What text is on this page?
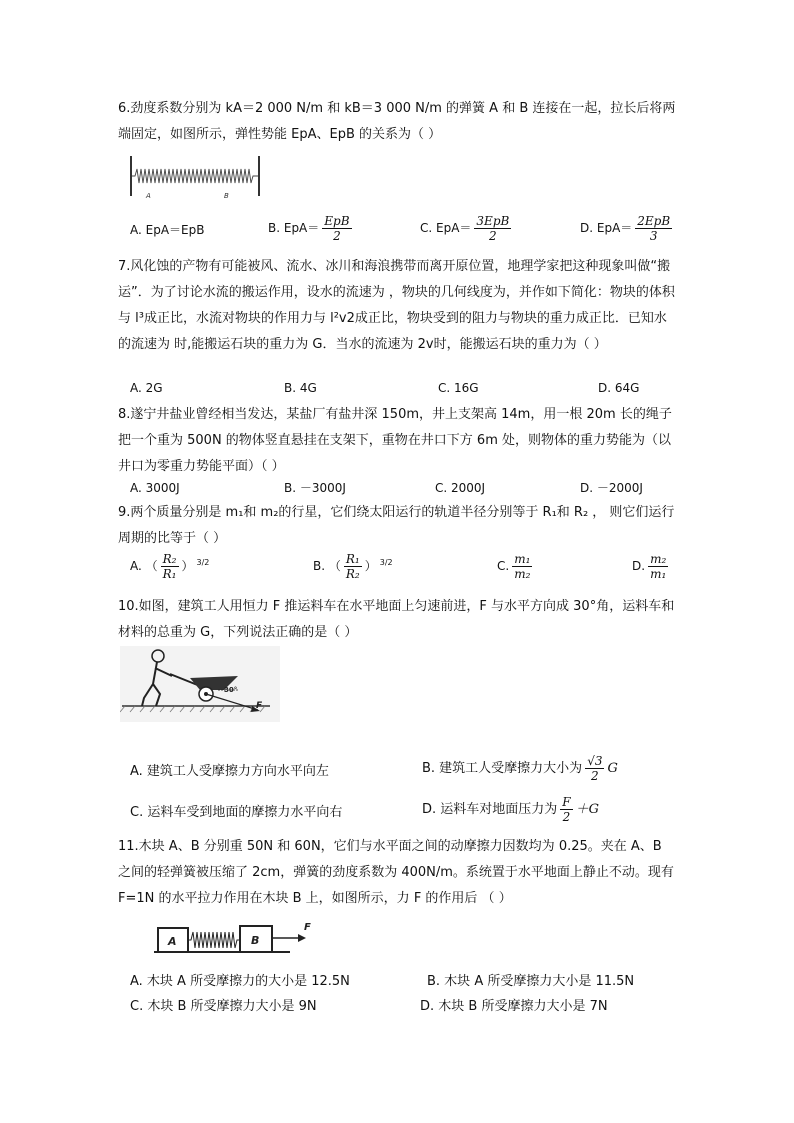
6.劲度系数分别为 kA＝2 000 N/m 和 kB＝3 000 N/m 的弹簧 A 和 B 连接在一起，拉长后将两端固定，如图所示，弹性势能 EpA、EpB 的关系为（ ）
A	B
A. EpA＝EpB	B. $EpA= \frac{\text{EpB}}{2}$	C. $EpA= \frac{\text{3EpB}}{2}$	D. $EpA= \frac{\text{2EpB}}{3}$
7.风化蚀的产物有可能被风、流水、冰川和海浪携带而离开原位置，地理学家把这种现象叫做“搬运”．为了讨论水流的搬运作用，设水的流速为 ，物块的几何线度为，并作如下简化：物块的体积与 l³成正比，水流对物块的作用力与 l²v2成正比，物块受到的阻力与物块的重力成正比．已知水的流速为 时,能搬运石块的重力为 G．当水的流速为 2v时，能搬运石块的重力为（ ）
A. 2G	B. 4G	C. 16G	D. 64G
8.遂宁井盐业曾经相当发达，某盐厂有盐井深 150m，井上支架高 14m，用一根 20m 长的绳子把一个重为 500N 的物体竖直悬挂在支架下，重物在井口下方 6m 处，则物体的重力势能为（以井口为零重力势能平面）（ ）
A. 3000J	B. －3000J	C. 2000J	D. －2000J
9.两个质量分别是 m₁和 m₂的行星，它们绕太阳运行的轨道半径分别等于 R₁和 R₂ ， 则它们运行周期的比等于（ ）
A. （ $\frac{\text{R₂}}{\text{R₁}}$ ） $^{3/2}$	B. （ $\frac{\text{R₁}}{\text{R₂}}$ ） $^{3/2}$	C. $\frac{\text{m₁}}{\text{m₂}}$	D. $\frac{\text{m₂}}{\text{m₁}}$
10.如图，建筑工人用恒力 F 推运料车在水平地面上匀速前进，F 与水平方向成 30°角，运料车和材料的总重为 G，下列说法正确的是（ ）
30°
F
A. 建筑工人受摩擦力方向水平向左	B. 建筑工人受摩擦力大小为 $\frac{√3}{2}$ G
C. 运料车受到地面的摩擦力水平向右	D. 运料车对地面压力为 $\frac{F}{2} +G$
11.木块 A、B 分别重 50N 和 60N，它们与水平面之间的动摩擦力因数均为 0.25。夹在 A、B 之间的轻弹簧被压缩了 2cm，弹簧的劲度系数为 400N/m。系统置于水平地面上静止不动。现有 F=1N 的水平拉力作用在木块 B 上，如图所示，力 F 的作用后 （ ）
A	B
F
A. 木块 A 所受摩擦力的大小是 12.5N	B. 木块 A 所受摩擦力大小是 11.5N
C. 木块 B 所受摩擦力大小是 9N	D. 木块 B 所受摩擦力大小是 7N
